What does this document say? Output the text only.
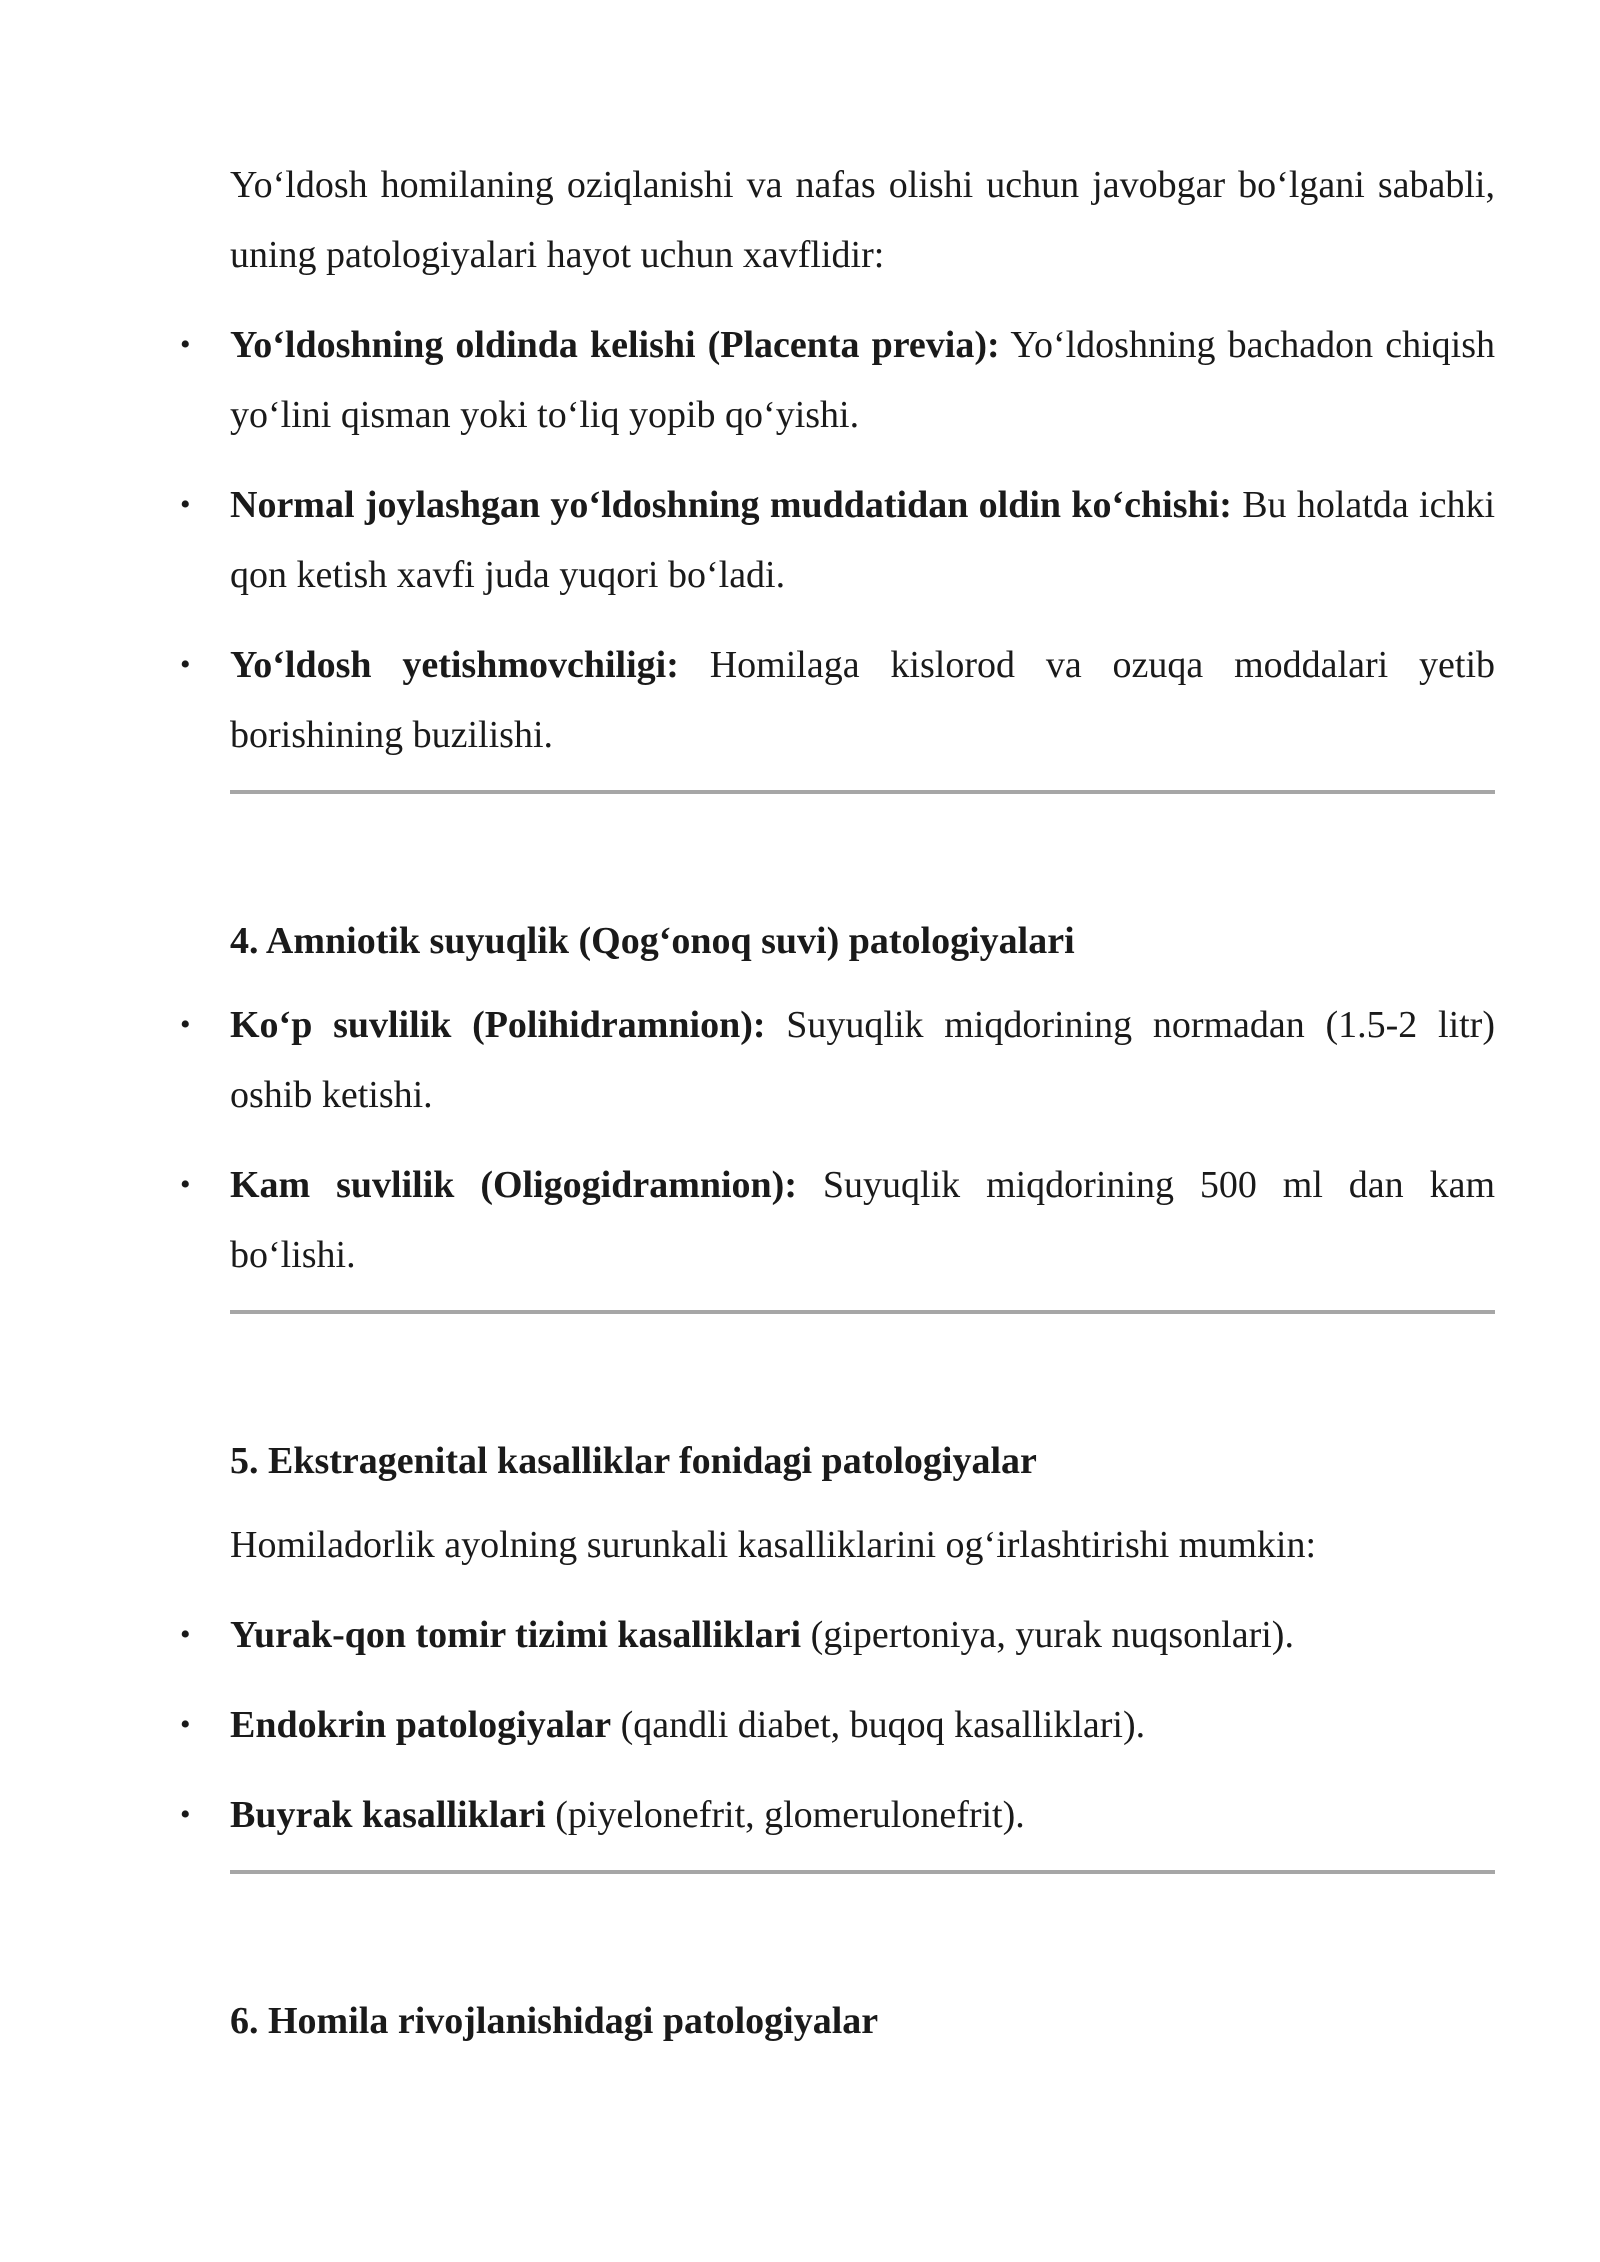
Yo‘ldosh homilaning oziqlanishi va nafas olishi uchun javobgar bo‘lgani sababli, uning patologiyalari hayot uchun xavflidir:

• Yo‘ldoshning oldinda kelishi (Placenta previa): Yo‘ldoshning bachadon chiqish yo‘lini qisman yoki to‘liq yopib qo‘yishi.
• Normal joylashgan yo‘ldoshning muddatidan oldin ko‘chishi: Bu holatda ichki qon ketish xavfi juda yuqori bo‘ladi.
• Yo‘ldosh yetishmovchiligi: Homilaga kislorod va ozuqa moddalari yetib borishining buzilishi.
4. Amniotik suyuqlik (Qog‘onoq suvi) patologiyalari
• Ko‘p suvlilik (Polihidramnion): Suyuqlik miqdorining normadan (1.5-2 litr) oshib ketishi.
• Kam suvlilik (Oligogidramnion): Suyuqlik miqdorining 500 ml dan kam bo‘lishi.
5. Ekstragenital kasalliklar fonidagi patologiyalar

Homiladorlik ayolning surunkali kasalliklarini og‘irlashtirishi mumkin:

• Yurak-qon tomir tizimi kasalliklari (gipertoniya, yurak nuqsonlari).
• Endokrin patologiyalar (qandli diabet, buqoq kasalliklari).
• Buyrak kasalliklari (piyelonefrit, glomerulonefrit).
6. Homila rivojlanishidagi patologiyalar
